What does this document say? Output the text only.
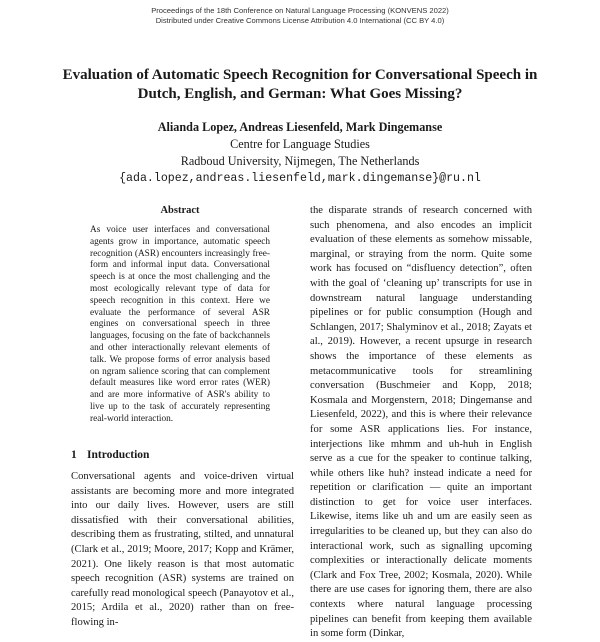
Proceedings of the 18th Conference on Natural Language Processing (KONVENS 2022)
Distributed under Creative Commons License Attribution 4.0 International (CC BY 4.0)
Evaluation of Automatic Speech Recognition for Conversational Speech in
Dutch, English, and German: What Goes Missing?
Alianda Lopez, Andreas Liesenfeld, Mark Dingemanse
Centre for Language Studies
Radboud University, Nijmegen, The Netherlands
{ada.lopez,andreas.liesenfeld,mark.dingemanse}@ru.nl
Abstract

As voice user interfaces and conversational agents grow in importance, automatic speech recognition (ASR) encounters increasingly free-form and informal input data. Conversational speech is at once the most challenging and the most ecologically relevant type of data for speech recognition in this context. Here we evaluate the performance of several ASR engines on conversational speech in three languages, focusing on the fate of backchannels and other interactionally relevant elements of talk. We propose forms of error analysis based on ngram salience scoring that can complement default measures like word error rates (WER) and are more informative of ASR's ability to live up to the task of accurately representing real-world interaction.

1 Introduction

Conversational agents and voice-driven virtual assistants are becoming more and more integrated into our daily lives. However, users are still dissatisfied with their conversational abilities, describing them as frustrating, stilted, and unnatural (Clark et al., 2019; Moore, 2017; Kopp and Krämer, 2021). One likely reason is that most automatic speech recognition (ASR) systems are trained on carefully read monological speech (Panayotov et al., 2015; Ardila et al., 2020) rather than on free-flowing in-

the disparate strands of research concerned with such phenomena, and also encodes an implicit evaluation of these elements as somehow missable, marginal, or straying from the norm. Quite some work has focused on “disfluency detection”, often with the goal of ‘cleaning up’ transcripts for use in downstream natural language understanding pipelines or for public consumption (Hough and Schlangen, 2017; Shalyminov et al., 2018; Zayats et al., 2019). However, a recent upsurge in research shows the importance of these elements as metacommunicative tools for streamlining conversation (Buschmeier and Kopp, 2018; Kosmala and Morgenstern, 2018; Dingemanse and Liesenfeld, 2022), and this is where their relevance for some ASR applications lies. For instance, interjections like mhmm and uh-huh in English serve as a cue for the speaker to continue talking, while others like huh? instead indicate a need for repetition or clarification — quite an important distinction to get for voice user interfaces. Likewise, items like uh and um are easily seen as irregularities to be cleaned up, but they can also do interactional work, such as signalling upcoming complexities or interactionally delicate moments (Clark and Fox Tree, 2002; Kosmala, 2020). While there are use cases for ignoring them, there are also contexts where natural language processing pipelines can benefit from keeping them available in some form (Dinkar,
